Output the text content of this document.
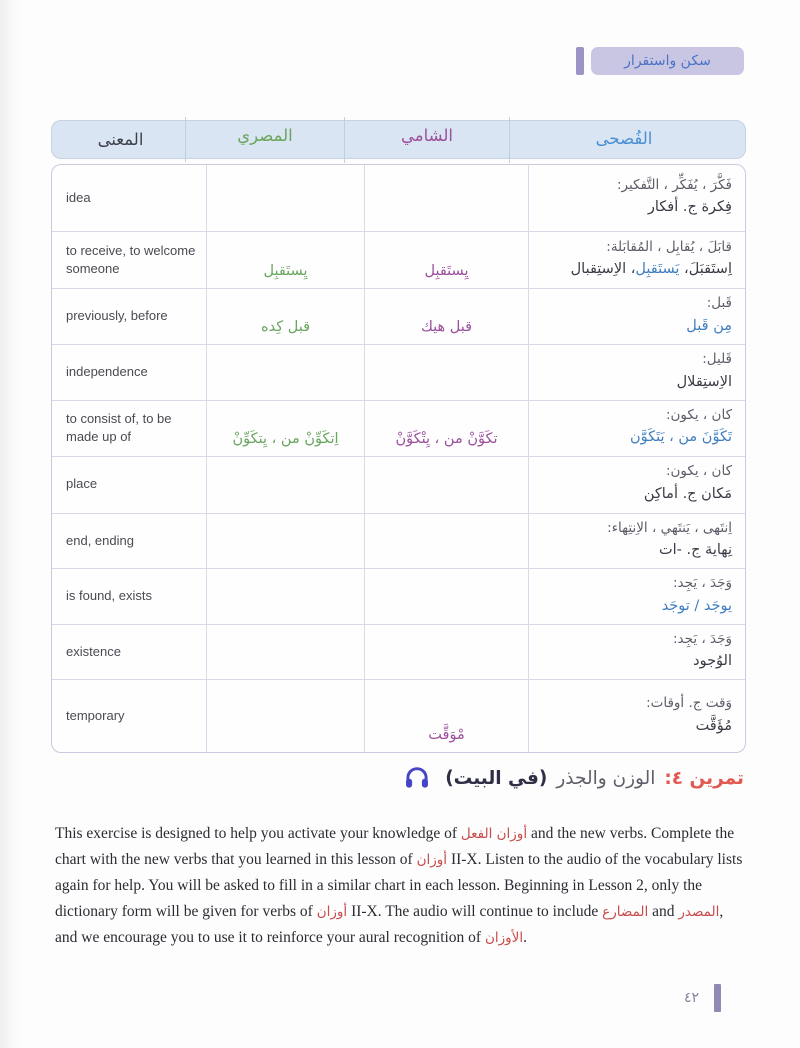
سكن واستقرار
الفُصحى
الشامي
المصري
المعنى
فَكَّرَ ، يُفَكِّر ، التَّفكير:
فِكرة ج. أفكار
idea
قابَلَ ، يُقابِل ، المُقابَلة:
اِستَقبَلَ، يَستَقبِل، الاِستِقبال
يِستَقبِل
يِستَقبِل
to receive, to welcome someone
قَبل:
مِن قَبل
قبل هيك
قبل كِده
previously, before
قَليل:
الاِستِقلال
independence
كان ، يكون:
تَكَوَّنَ من ، يَتَكَوَّن
تكَوَّنْ من ، يِتْكَوَّنْ
اِتكَوِّنْ من ، يِتكَوِّنْ
to consist of, to be made up of
كان ، يكون:
مَكان ج. أماكِن
place
اِنتَهى ، يَنتَهي ، الاِنتِهاء:
نِهاية ج. -ات
end, ending
وَجَدَ ، يَجِد:
يوجَد / توجَد
is found, exists
وَجَدَ ، يَجِد:
الوُجود
existence
وَقت ج. أوقات:
مُؤَقَّت
مْوَقَّت
temporary
تمرين ٤:
الوزن والجذر
(في البيت)

This exercise is designed to help you activate your knowledge of أوزان الفعل and the new verbs. Complete the chart with the new verbs that you learned in this lesson of أوزان II-X. Listen to the audio of the vocabulary lists again for help. You will be asked to fill in a similar chart in each lesson. Beginning in Lesson 2, only the dictionary form will be given for verbs of أوزان II-X. The audio will continue to include المضارع and المصدر, and we encourage you to use it to reinforce your aural recognition of الأوزان.

٤٢
